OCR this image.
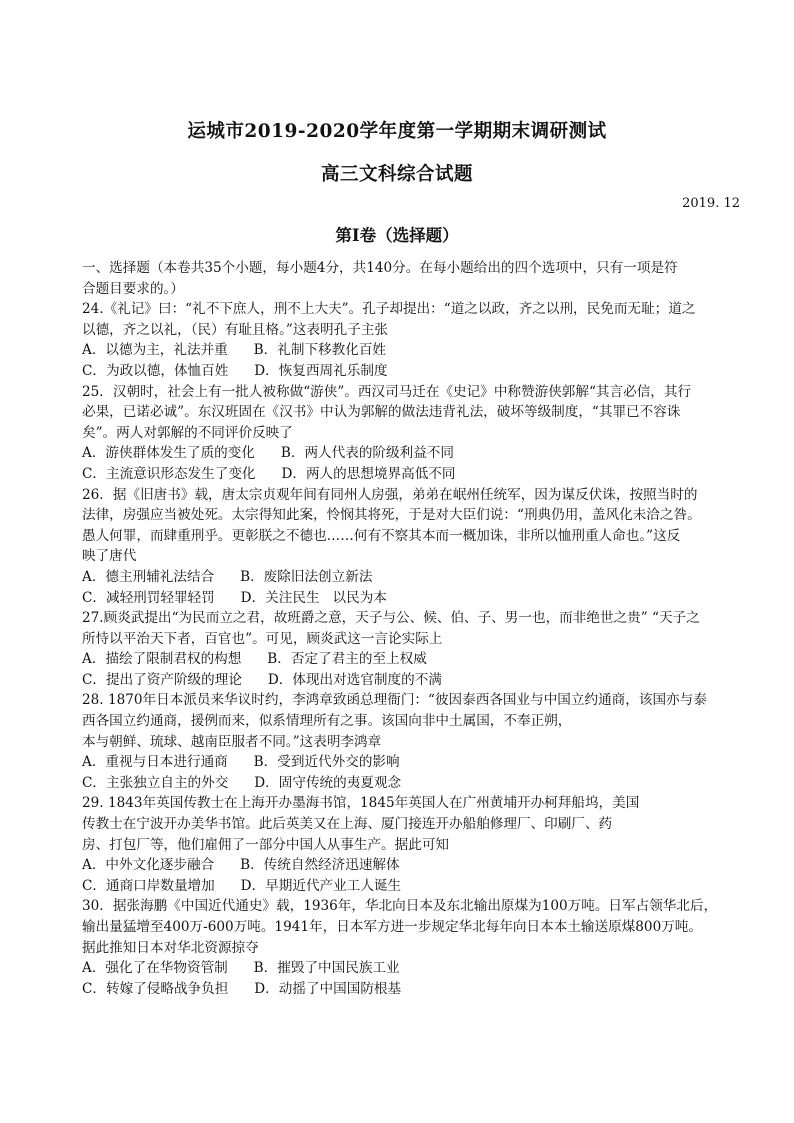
运城市2019-2020学年度第一学期期末调研测试
高三文科综合试题
2019. 12
第Ⅰ卷（选择题）
一、选择题（本卷共35个小题，每小题4分，共140分。在每小题给出的四个选项中，只有一项是符
合题目要求的。）
24.《礼记》曰：“礼不下庶人，刑不上大夫”。孔子却提出：“道之以政，齐之以刑，民免而无耻；道之
以德，齐之以礼，（民）有耻且格。”这表明孔子主张
A．以德为主，礼法并重      B．礼制下移教化百姓
C．为政以德，体恤百姓      D．恢复西周礼乐制度
25．汉朝时，社会上有一批人被称做“游侠”。西汉司马迁在《史记》中称赞游侠郭解“其言必信，其行
必果，已诺必诚”。东汉班固在《汉书》中认为郭解的做法违背礼法，破坏等级制度，“其罪已不容诛
矣”。两人对郭解的不同评价反映了
A．游侠群体发生了质的变化      B．两人代表的阶级利益不同
C．主流意识形态发生了变化      D．两人的思想境界高低不同
26．据《旧唐书》载，唐太宗贞观年间有同州人房强，弟弟在岷州任统军，因为谋反伏诛，按照当时的
法律，房强应当被处死。太宗得知此案，怜悯其将死，于是对大臣们说：“刑典仍用，盖风化未洽之咎。
愚人何罪，而肆重刑乎。更彰朕之不德也……何有不察其本而一概加诛，非所以恤刑重人命也。”这反
映了唐代
A．德主刑辅礼法结合      B．废除旧法创立新法
C．减轻刑罚轻罪轻罚      D．关注民生   以民为本
27.顾炎武提出“为民而立之君，故班爵之意，天子与公、候、伯、子、男一也，而非绝世之贵” “天子之
所恃以平治天下者，百官也”。可见，顾炎武这一言论实际上
A．描绘了限制君权的构想      B．否定了君主的至上权威
C．提出了资产阶级的理论      D．体现出对选官制度的不满
28. 1870年日本派员来华议时约，李鸿章致函总理衙门：“彼因泰西各国业与中国立约通商，该国亦与泰
西各国立约通商，援例而来，似系情理所有之事。该国向非中土属国，不奉正朔，
本与朝鲜、琉球、越南臣服者不同。”这表明李鸿章
A．重视与日本进行通商      B．受到近代外交的影响
C．主张独立自主的外交      D．固守传统的夷夏观念
29. 1843年英国传教士在上海开办墨海书馆，1845年英国人在广州黄埔开办柯拜船坞，美国
传教士在宁波开办美华书馆。此后英美又在上海、厦门接连开办船舶修理厂、印刷厂、药
房、打包厂等，他们雇佣了一部分中国人从事生产。据此可知
A．中外文化逐步融合      B．传统自然经济迅速解体
C．通商口岸数量增加      D．早期近代产业工人诞生
30．据张海鹏《中国近代通史》载，1936年，华北向日本及东北输出原煤为100万吨。日军占领华北后，
输出量猛增至400万-600万吨。1941年，日本军方进一步规定华北每年向日本本土输送原煤800万吨。
据此推知日本对华北资源掠夺
A．强化了在华物资管制      B．摧毁了中国民族工业
C．转嫁了侵略战争负担      D．动摇了中国国防根基
